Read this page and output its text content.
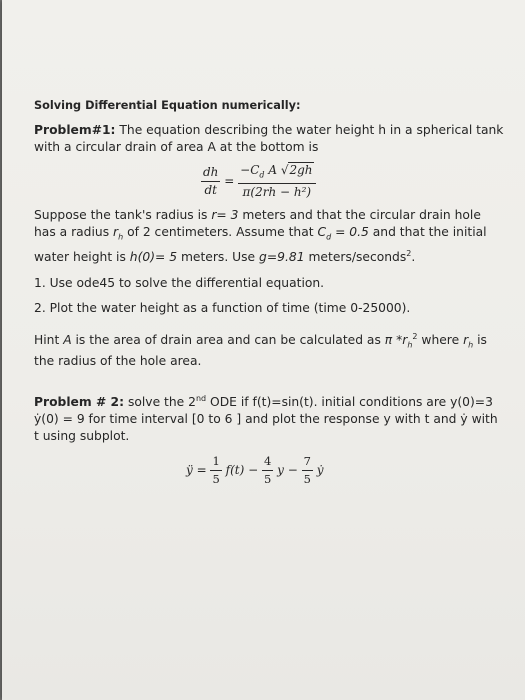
Solving Differential Equation numerically:

Problem#1: The equation describing the water height h in a spherical tank with a circular drain of area A at the bottom is

$\frac{dh}{dt} = \frac{-C_d A √2gh}{\text{π(2rh − h²)}}$

Suppose the tank's radius is r= 3 meters and that the circular drain hole has a radius $r_h$ of 2 centimeters. Assume that $C_d = 0.5$ and that the initial water height is h(0)= 5 meters. Use g=9.81 meters/seconds$^2$.

1. Use ode45 to solve the differential equation.

2. Plot the water height as a function of time (time 0-25000).

Hint A is the area of drain area and can be calculated as π $*r_h^2$ where $r_h$ is the radius of the hole area.

Problem # 2: solve the 2nd ODE if f(t)=sin(t). initial conditions are y(0)=3 ẏ(0) = 9 for time interval [0 to 6 ] and plot the response y with t and ẏ with t using subplot.

ÿ = $\frac{1}{5} f(t) - \frac{4}{5}$ $y - \frac{7}{5}$ ẏ
